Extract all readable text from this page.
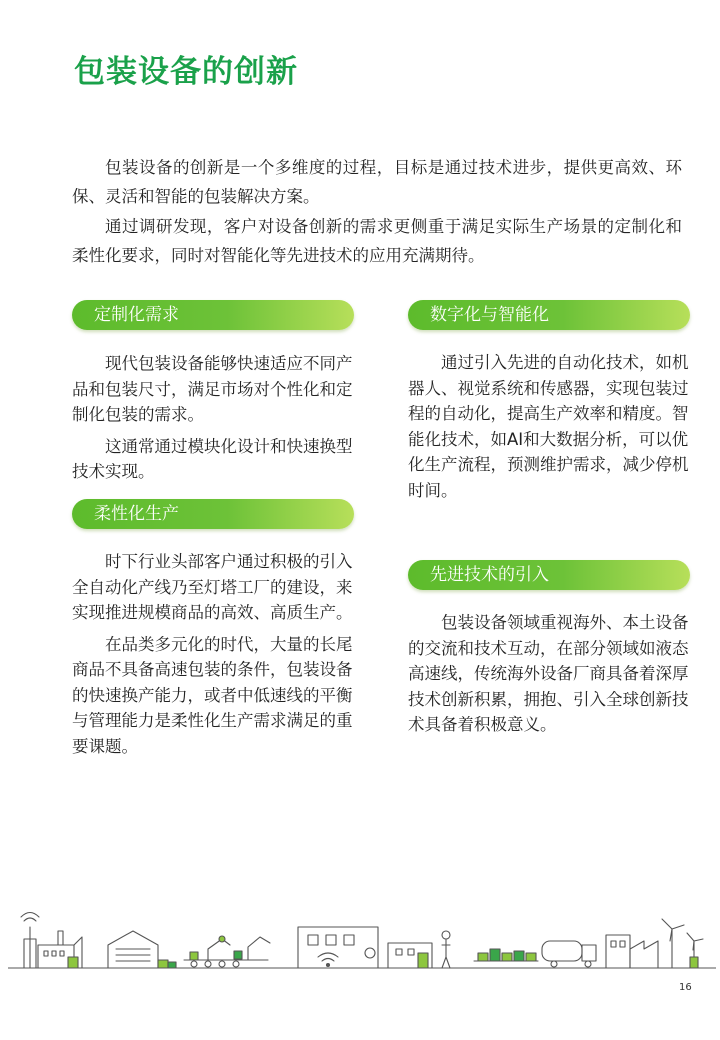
包装设备的创新

包装设备的创新是一个多维度的过程，目标是通过技术进步，提供更高效、环保、灵活和智能的包装解决方案。

通过调研发现，客户对设备创新的需求更侧重于满足实际生产场景的定制化和柔性化要求，同时对智能化等先进技术的应用充满期待。

定制化需求

现代包装设备能够快速适应不同产品和包装尺寸，满足市场对个性化和定制化包装的需求。

这通常通过模块化设计和快速换型技术实现。

柔性化生产

时下行业头部客户通过积极的引入全自动化产线乃至灯塔工厂的建设，来实现推进规模商品的高效、高质生产。

在品类多元化的时代，大量的长尾商品不具备高速包装的条件，包装设备的快速换产能力，或者中低速线的平衡与管理能力是柔性化生产需求满足的重要课题。

数字化与智能化

通过引入先进的自动化技术，如机器人、视觉系统和传感器，实现包装过程的自动化，提高生产效率和精度。智能化技术，如AI和大数据分析，可以优化生产流程，预测维护需求，减少停机时间。

先进技术的引入

包装设备领域重视海外、本土设备的交流和技术互动，在部分领域如液态高速线，传统海外设备厂商具备着深厚技术创新积累，拥抱、引入全球创新技术具备着积极意义。

16
